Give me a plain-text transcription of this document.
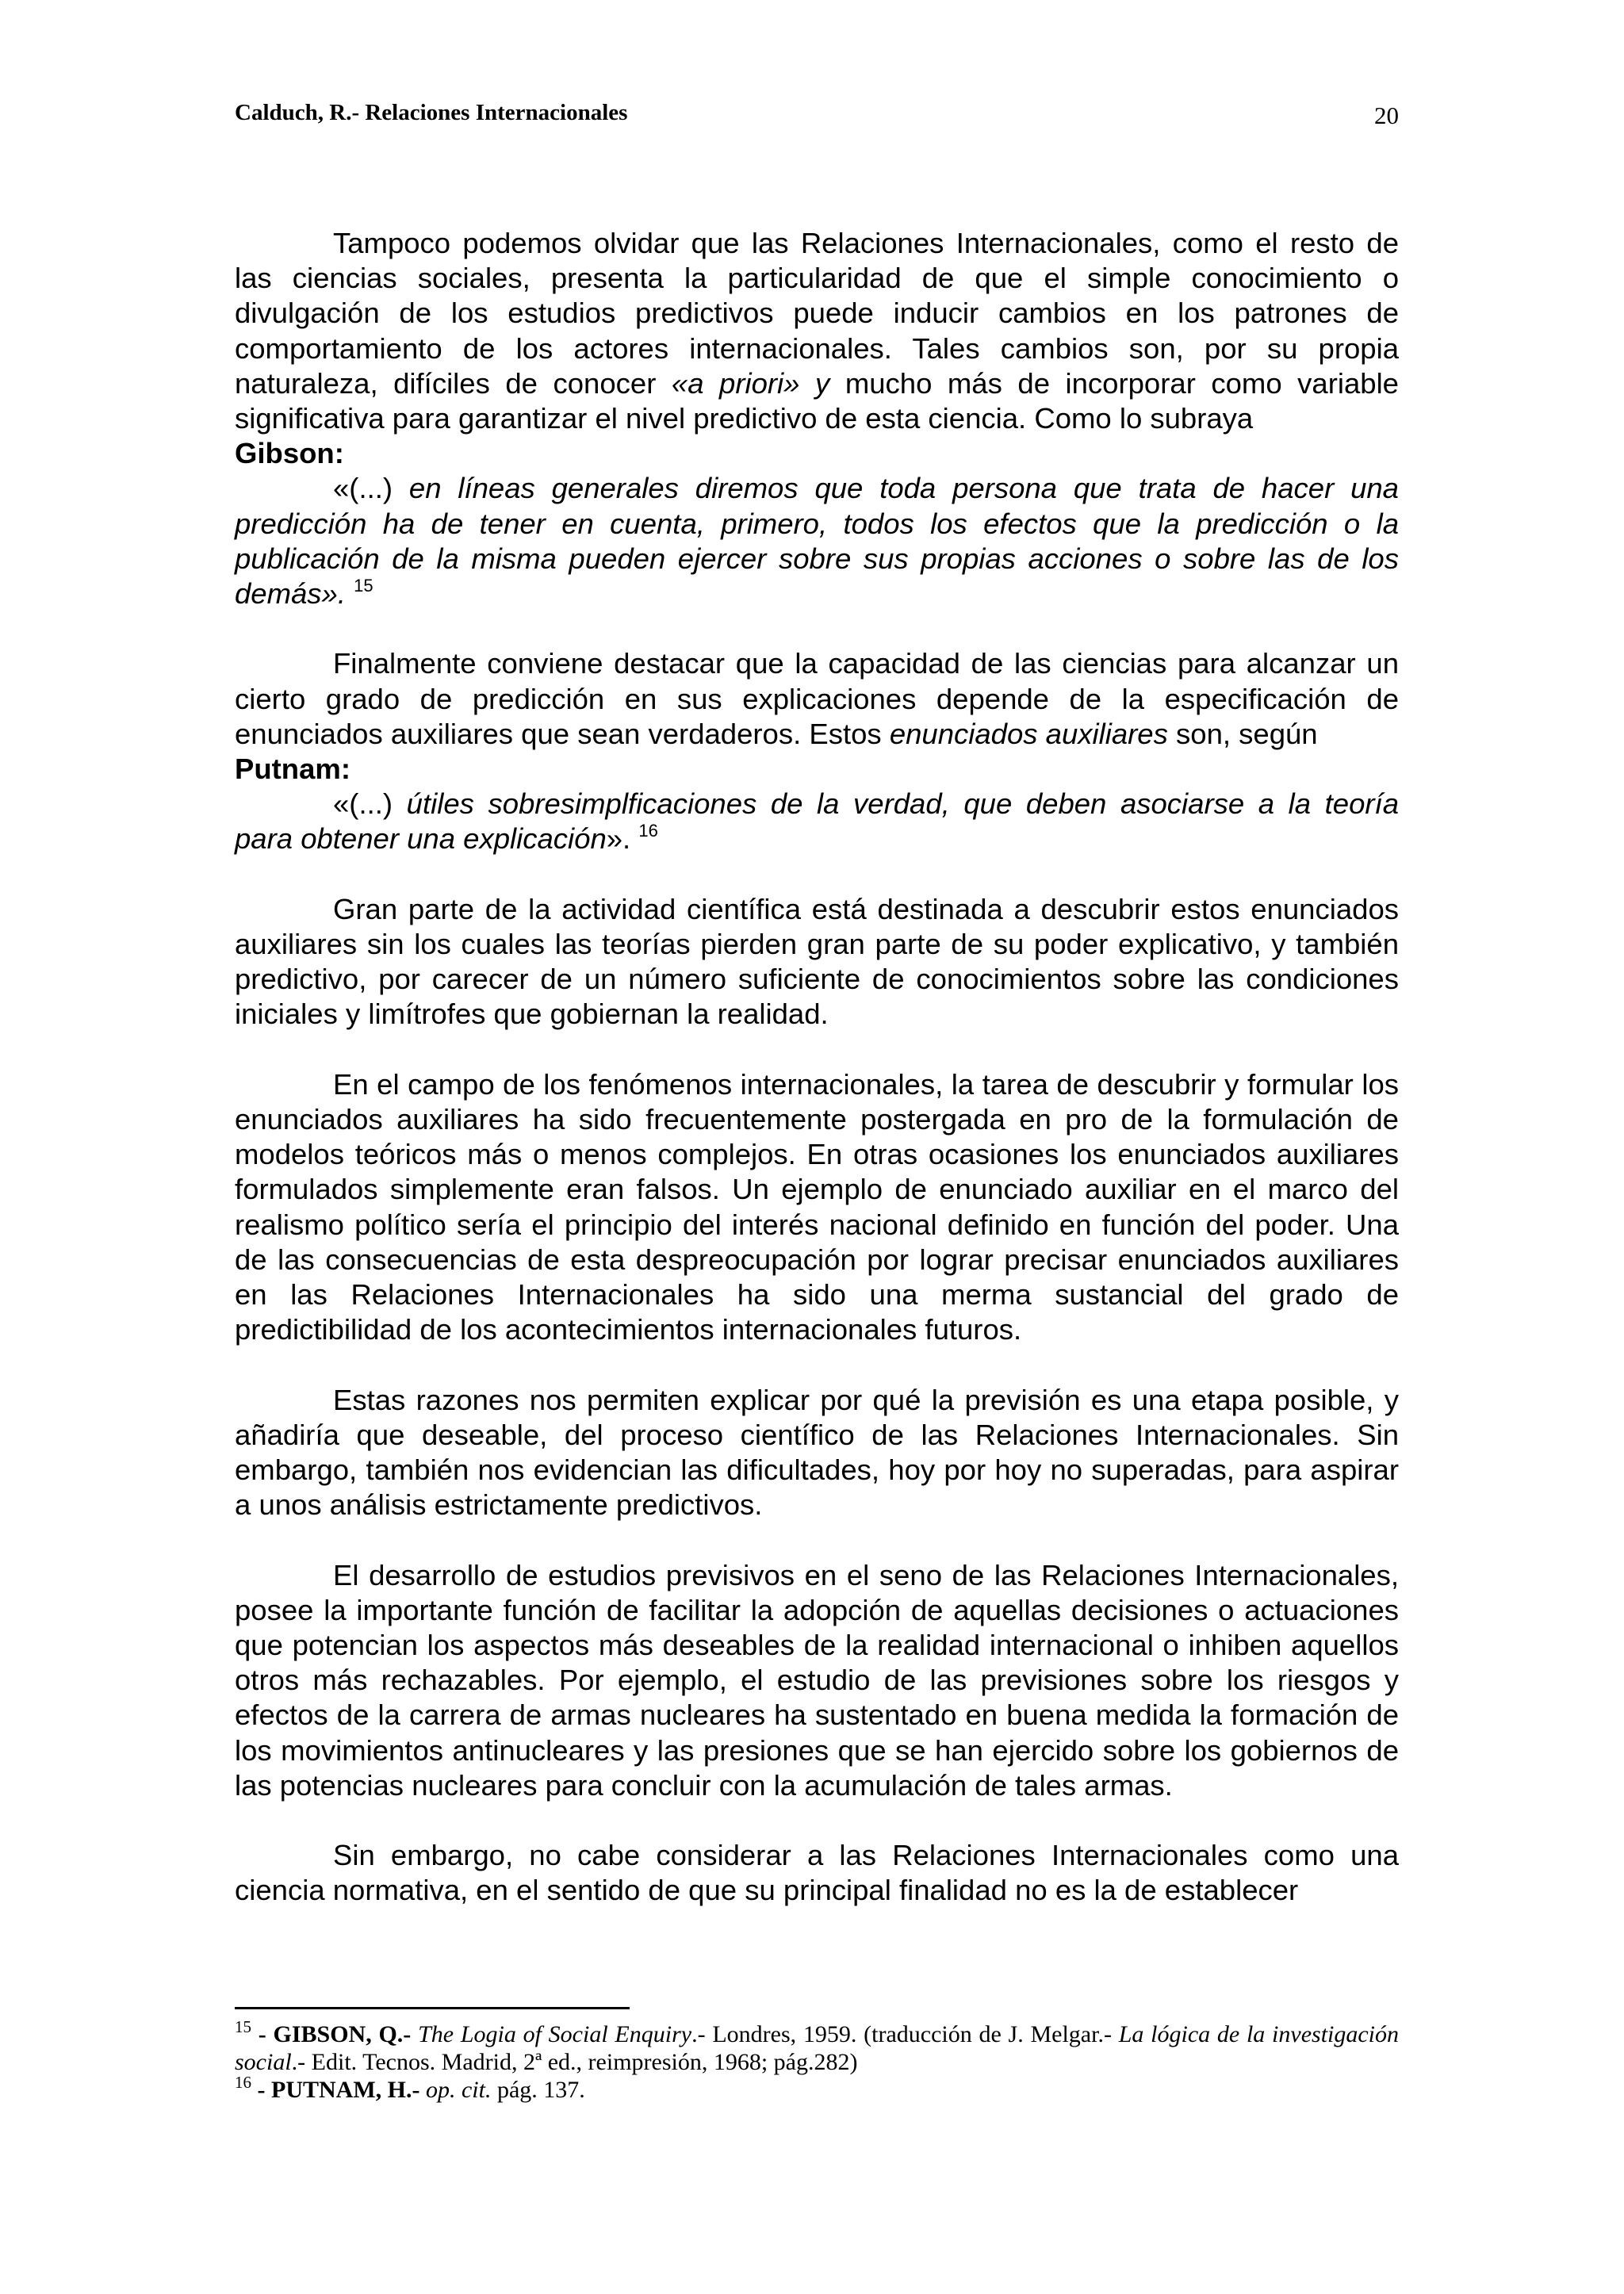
Calduch, R.- Relaciones Internacionales	20

Tampoco podemos olvidar que las Relaciones Internacionales, como el resto de las ciencias sociales, presenta la particularidad de que el simple conocimiento o divulgación de los estudios predictivos puede inducir cambios en los patrones de comportamiento de los actores internacionales. Tales cambios son, por su propia naturaleza, difíciles de conocer «a priori» y mucho más de incorporar como variable significativa para garantizar el nivel predictivo de esta ciencia. Como lo subraya

Gibson:

«(...) en líneas generales diremos que toda persona que trata de hacer una predicción ha de tener en cuenta, primero, todos los efectos que la predicción o la publicación de la misma pueden ejercer sobre sus propias acciones o sobre las de los demás». $^{15}$

Finalmente conviene destacar que la capacidad de las ciencias para alcanzar un cierto grado de predicción en sus explicaciones depende de la especificación de enunciados auxiliares que sean verdaderos. Estos enunciados auxiliares son, según

Putnam:

«(...) útiles sobresimplficaciones de la verdad, que deben asociarse a la teoría para obtener una explicación». $^{16}$

Gran parte de la actividad científica está destinada a descubrir estos enunciados auxiliares sin los cuales las teorías pierden gran parte de su poder explicativo, y también predictivo, por carecer de un número suficiente de conocimientos sobre las condiciones iniciales y limítrofes que gobiernan la realidad.

En el campo de los fenómenos internacionales, la tarea de descubrir y formular los enunciados auxiliares ha sido frecuentemente postergada en pro de la formulación de modelos teóricos más o menos complejos. En otras ocasiones los enunciados auxiliares formulados simplemente eran falsos. Un ejemplo de enunciado auxiliar en el marco del realismo político sería el principio del interés nacional definido en función del poder. Una de las consecuencias de esta despreocupación por lograr precisar enunciados auxiliares en las Relaciones Internacionales ha sido una merma sustancial del grado de predictibilidad de los acontecimientos internacionales futuros.

Estas razones nos permiten explicar por qué la previsión es una etapa posible, y añadiría que deseable, del proceso científico de las Relaciones Internacionales. Sin embargo, también nos evidencian las dificultades, hoy por hoy no superadas, para aspirar a unos análisis estrictamente predictivos.

El desarrollo de estudios previsivos en el seno de las Relaciones Internacionales, posee la importante función de facilitar la adopción de aquellas decisiones o actuaciones que potencian los aspectos más deseables de la realidad internacional o inhiben aquellos otros más rechazables. Por ejemplo, el estudio de las previsiones sobre los riesgos y efectos de la carrera de armas nucleares ha sustentado en buena medida la formación de los movimientos antinucleares y las presiones que se han ejercido sobre los gobiernos de las potencias nucleares para concluir con la acumulación de tales armas.

Sin embargo, no cabe considerar a las Relaciones Internacionales como una ciencia normativa, en el sentido de que su principal finalidad no es la de establecer

$^{15}$ - GIBSON, Q.- The Logia of Social Enquiry.- Londres, 1959. (traducción de J. Melgar.- La lógica de la investigación social.- Edit. Tecnos. Madrid, 2ª ed., reimpresión, 1968; pág.282)

$^{16}$ - PUTNAM, H.- op. cit. pág. 137.
